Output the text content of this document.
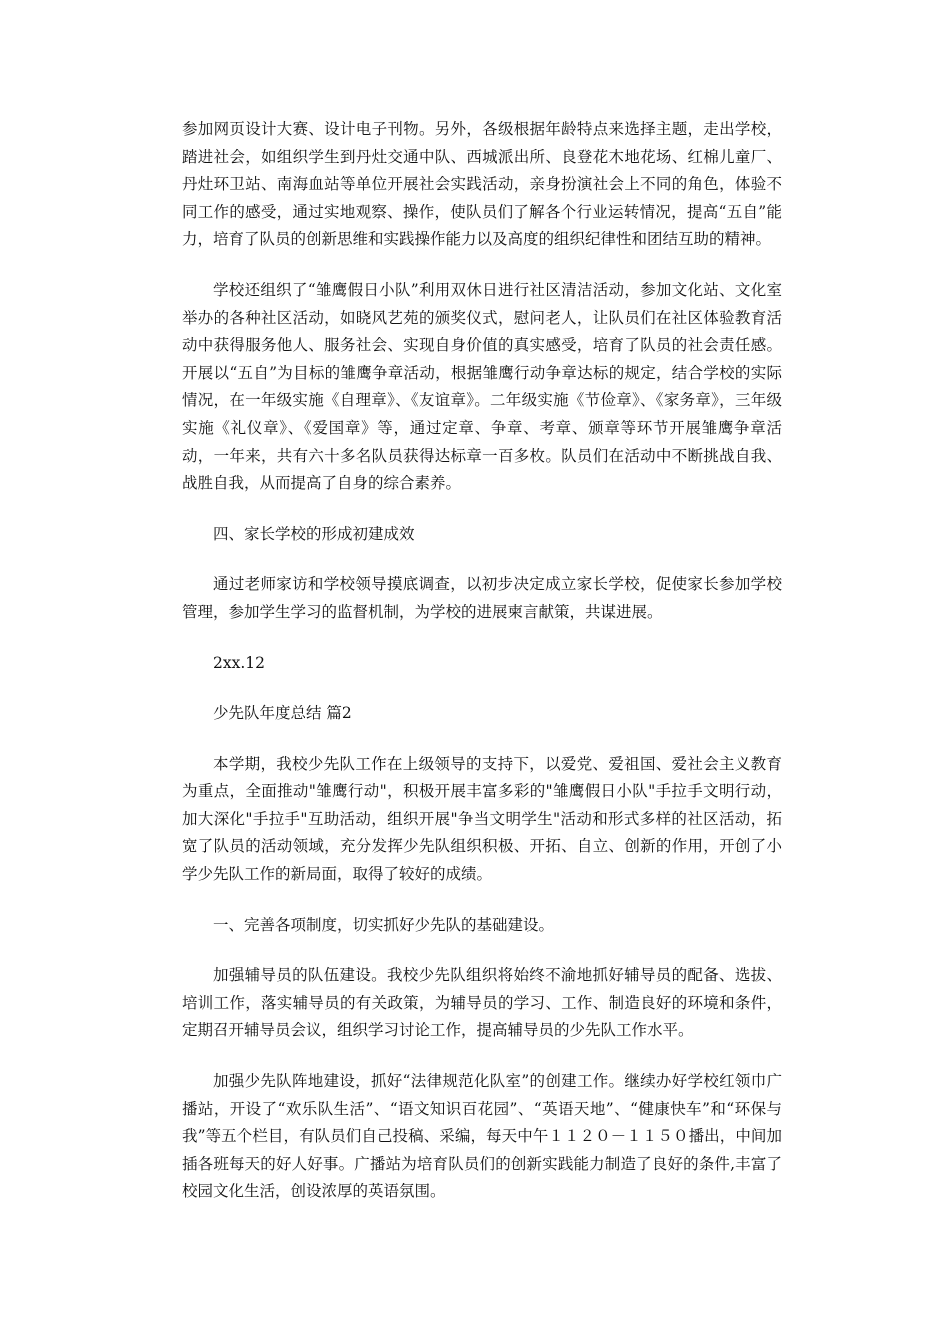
参加网页设计大赛、设计电子刊物。另外，各级根据年龄特点来选择主题，走出学校，踏进社会，如组织学生到丹灶交通中队、西城派出所、良登花木地花场、红棉儿童厂、丹灶环卫站、南海血站等单位开展社会实践活动，亲身扮演社会上不同的角色，体验不同工作的感受，通过实地观察、操作，使队员们了解各个行业运转情况，提高“五自”能力，培育了队员的创新思维和实践操作能力以及高度的组织纪律性和团结互助的精神。

学校还组织了“雏鹰假日小队”利用双休日进行社区清洁活动，参加文化站、文化室举办的各种社区活动，如晓风艺苑的颁奖仪式，慰问老人，让队员们在社区体验教育活动中获得服务他人、服务社会、实现自身价值的真实感受，培育了队员的社会责任感。开展以“五自”为目标的雏鹰争章活动，根据雏鹰行动争章达标的规定，结合学校的实际情况，在一年级实施《自理章》、《友谊章》。二年级实施《节俭章》、《家务章》，三年级实施《礼仪章》、《爱国章》等，通过定章、争章、考章、颁章等环节开展雏鹰争章活动，一年来，共有六十多名队员获得达标章一百多枚。队员们在活动中不断挑战自我、战胜自我，从而提高了自身的综合素养。

四、家长学校的形成初建成效

通过老师家访和学校领导摸底调查，以初步决定成立家长学校，促使家长参加学校管理，参加学生学习的监督机制，为学校的进展柬言献策，共谋进展。

2xx.12

少先队年度总结 篇2

本学期，我校少先队工作在上级领导的支持下，以爱党、爱祖国、爱社会主义教育为重点，全面推动"雏鹰行动"，积极开展丰富多彩的"雏鹰假日小队"手拉手文明行动，加大深化"手拉手"互助活动，组织开展"争当文明学生"活动和形式多样的社区活动，拓宽了队员的活动领域，充分发挥少先队组织积极、开拓、自立、创新的作用，开创了小学少先队工作的新局面，取得了较好的成绩。

一、完善各项制度，切实抓好少先队的基础建设。

加强辅导员的队伍建设。我校少先队组织将始终不渝地抓好辅导员的配备、选拔、培训工作，落实辅导员的有关政策，为辅导员的学习、工作、制造良好的环境和条件，定期召开辅导员会议，组织学习讨论工作，提高辅导员的少先队工作水平。

加强少先队阵地建设，抓好“法律规范化队室”的创建工作。继续办好学校红领巾广播站，开设了“欢乐队生活”、“语文知识百花园”、“英语天地”、“健康快车”和“环保与我”等五个栏目，有队员们自己投稿、采编，每天中午１１２０－１１５０播出，中间加插各班每天的好人好事。广播站为培育队员们的创新实践能力制造了良好的条件,丰富了校园文化生活，创设浓厚的英语氛围。
